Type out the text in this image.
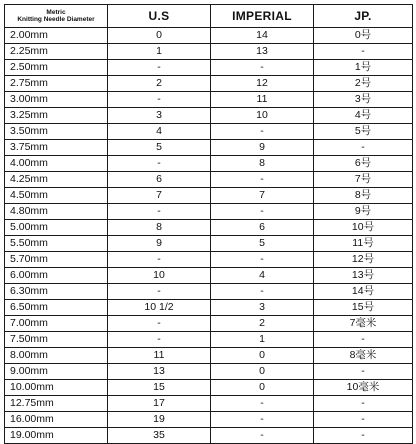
Metric
Knitting Needle Diameter	U.S	IMPERIAL	JP.
2.00mm	0	14	0号
2.25mm	1	13	-
2.50mm	-	-	1号
2.75mm	2	12	2号
3.00mm	-	11	3号
3.25mm	3	10	4号
3.50mm	4	-	5号
3.75mm	5	9	-
4.00mm	-	8	6号
4.25mm	6	-	7号
4.50mm	7	7	8号
4.80mm	-	-	9号
5.00mm	8	6	10号
5.50mm	9	5	11号
5.70mm	-	-	12号
6.00mm	10	4	13号
6.30mm	-	-	14号
6.50mm	10 1/2	3	15号
7.00mm	-	2	7毫米
7.50mm	-	1	-
8.00mm	11	0	8毫米
9.00mm	13	0	-
10.00mm	15	0	10毫米
12.75mm	17	-	-
16.00mm	19	-	-
19.00mm	35	-	-
